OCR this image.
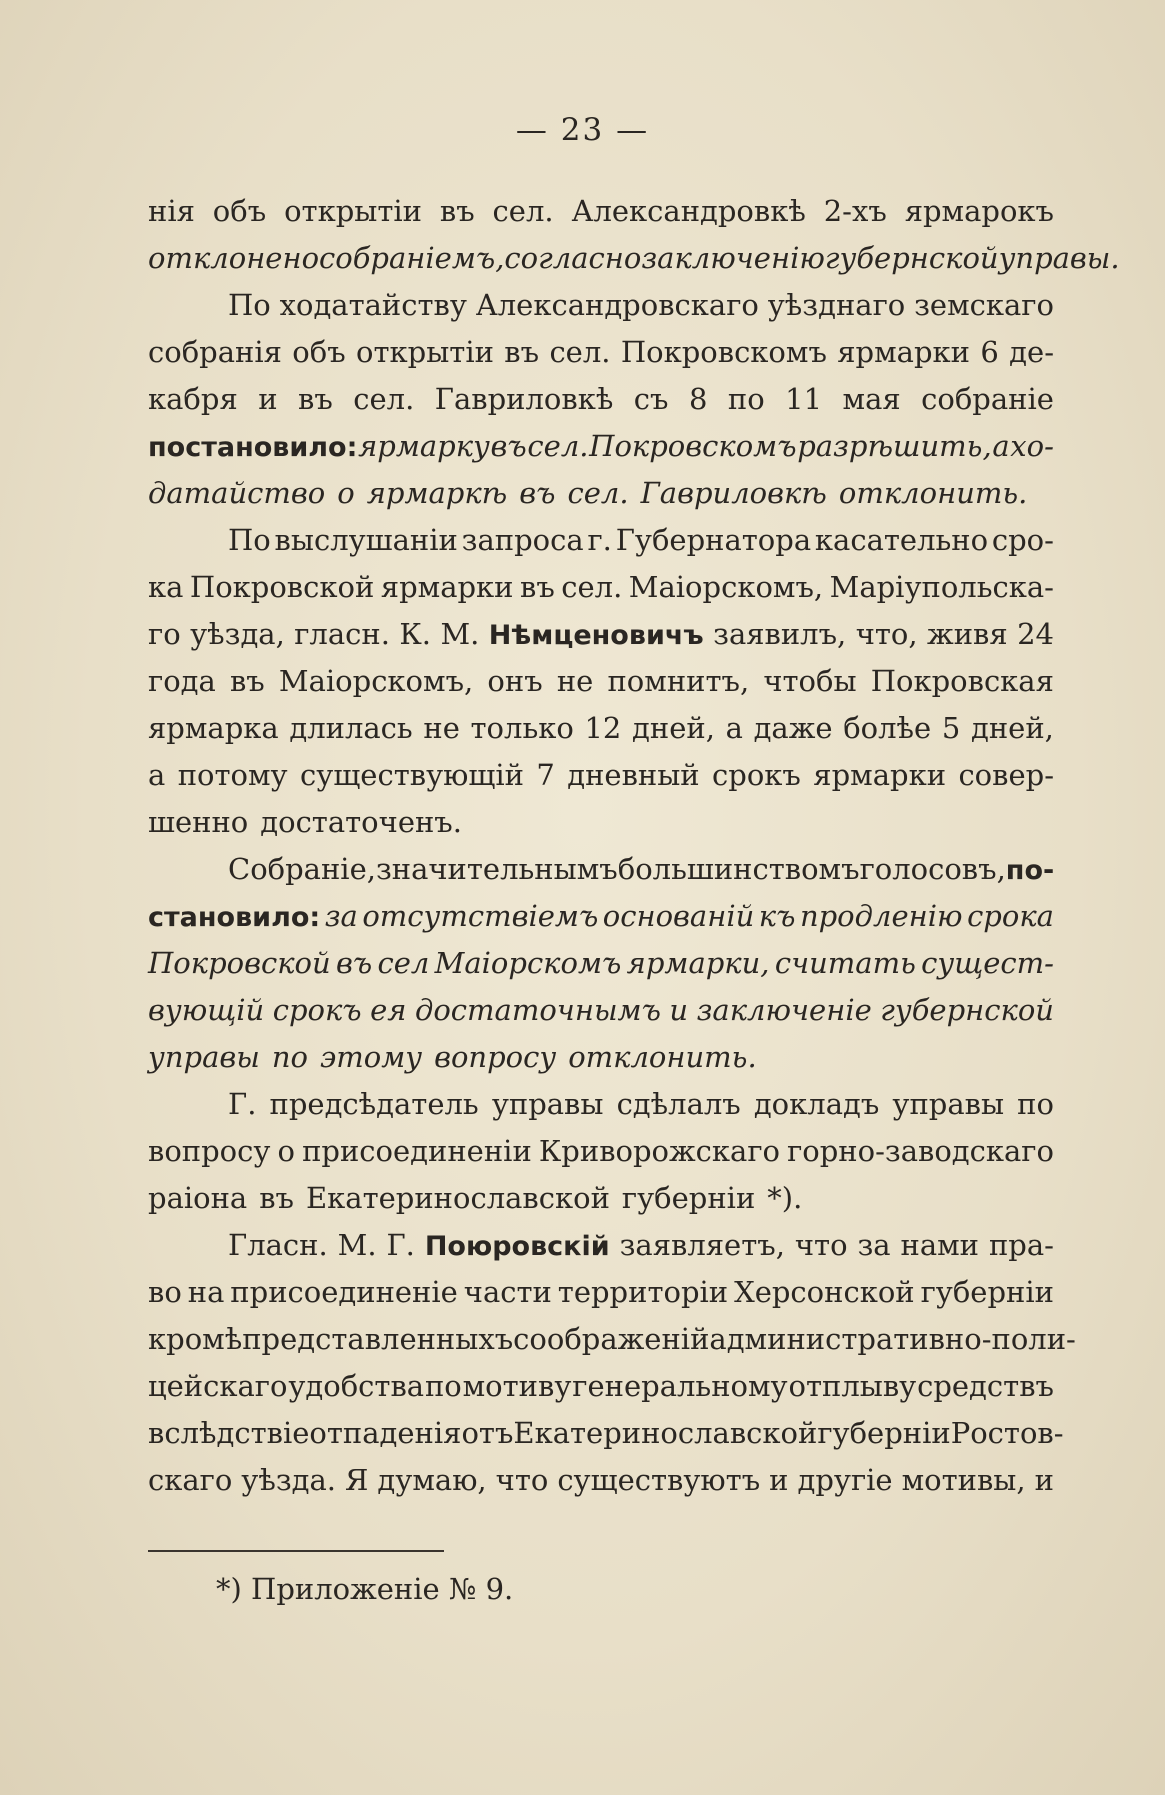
— 23 —
нія объ открытіи въ сел. Александровкѣ 2-хъ ярмарокъ
отклонено собраніемъ, согласно заключенію губернской управы.
По ходатайству Александровскаго уѣзднаго земскаго
собранія объ открытіи въ сел. Покровскомъ ярмарки 6 де-
кабря и въ сел. Гавриловкѣ съ 8 по 11 мая собраніе
постановило: ярмарку въ сел. Покровскомъ разрѣшить, а хо-
датайство о ярмаркѣ въ сел. Гавриловкѣ отклонить.
По выслушаніи запроса г. Губернатора касательно сро-
ка Покровской ярмарки въ сел. Маіорскомъ, Маріупольска-
го уѣзда, гласн. К. М. Нѣмценовичъ заявилъ, что, живя 24
года въ Маіорскомъ, онъ не помнитъ, чтобы Покровская
ярмарка длилась не только 12 дней, а даже болѣе 5 дней,
а потому существующій 7 дневный срокъ ярмарки совер-
шенно достаточенъ.
Собраніе, значительнымъ большинствомъ голосовъ, по-
становило: за отсутствіемъ основаній къ продленію срока
Покровской въ сел Маіорскомъ ярмарки, считать сущест-
вующій срокъ ея достаточнымъ и заключеніе губернской
управы по этому вопросу отклонить.
Г. предсѣдатель управы сдѣлалъ докладъ управы по
вопросу о присоединеніи Криворожскаго горно-заводскаго
раіона въ Екатеринославской губерніи *).
Гласн. М. Г. Поюровскій заявляетъ, что за нами пра-
во на присоединеніе части территоріи Херсонской губерніи
кромѣ представленныхъ соображеній административно-поли-
цейскаго удобства по мотиву генеральному отплыву средствъ
вслѣдствіе отпаденія отъ Екатеринославской губерніи Ростов-
скаго уѣзда. Я думаю, что существуютъ и другіе мотивы, и
*) Приложеніе № 9.
